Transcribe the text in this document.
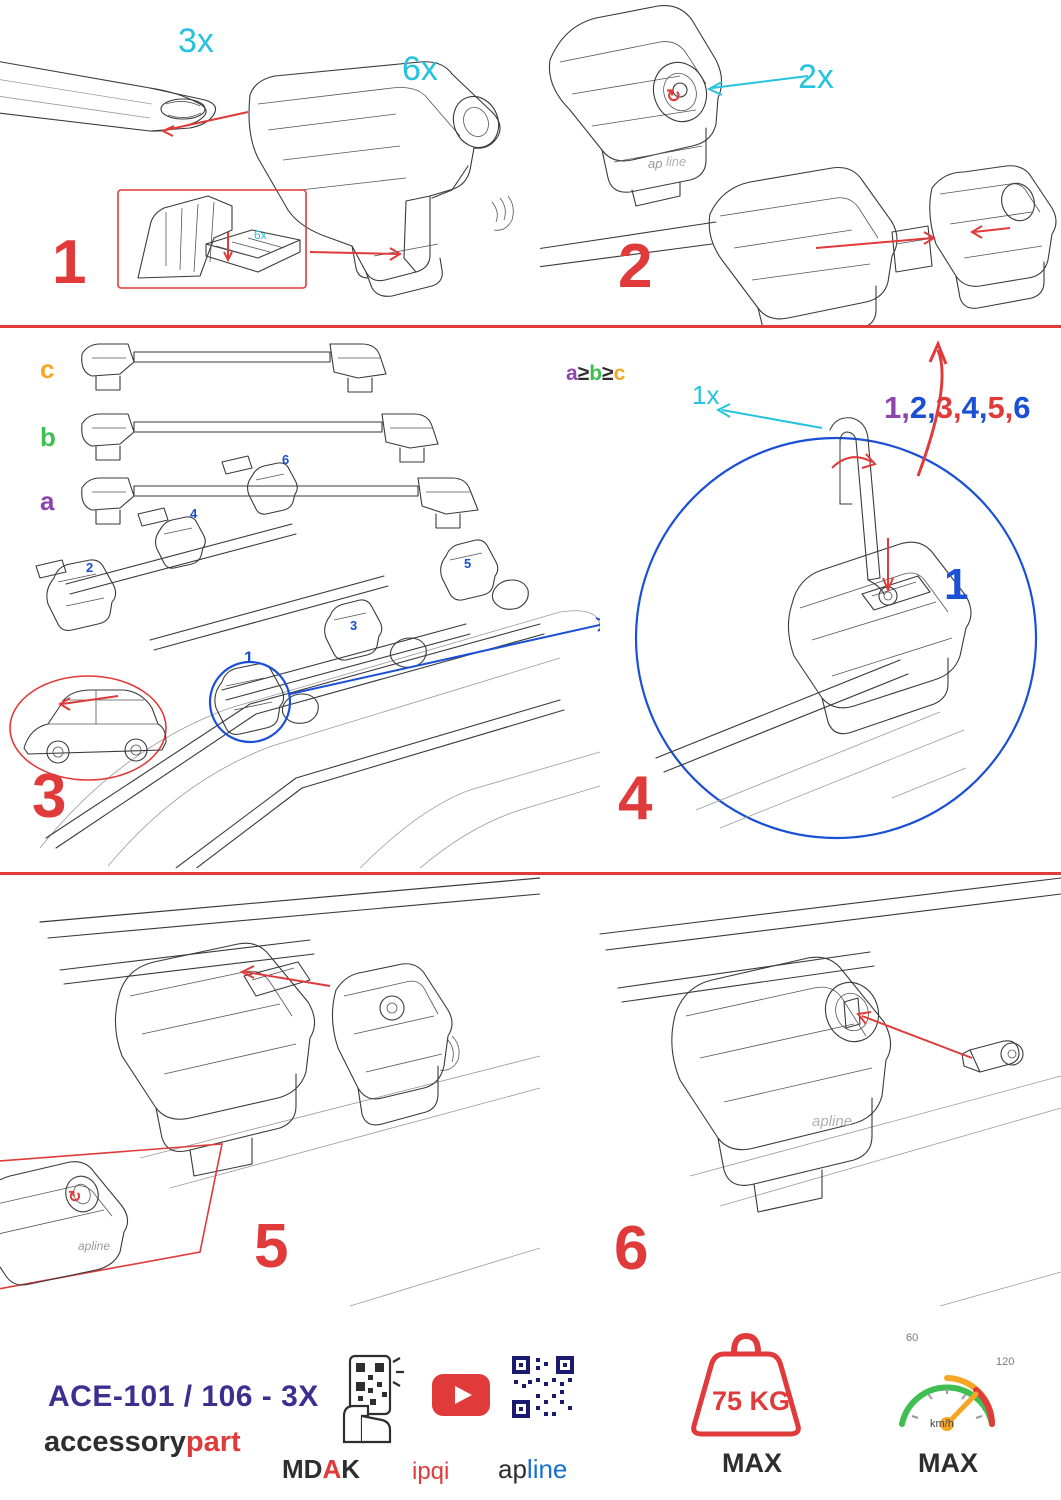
3x
6x
6x
1
↻
ap line
2x
2
c
b
a
2
4
6
3
5
1
3
a≥b≥c
1x	1,2,3,4,5,6
1
4
↻
apline 5
apline
6
ACE-101 / 106 - 3X
accessorypart
MDAK ipqi apline
75 KG
MAX
60
120
km/h
MAX
